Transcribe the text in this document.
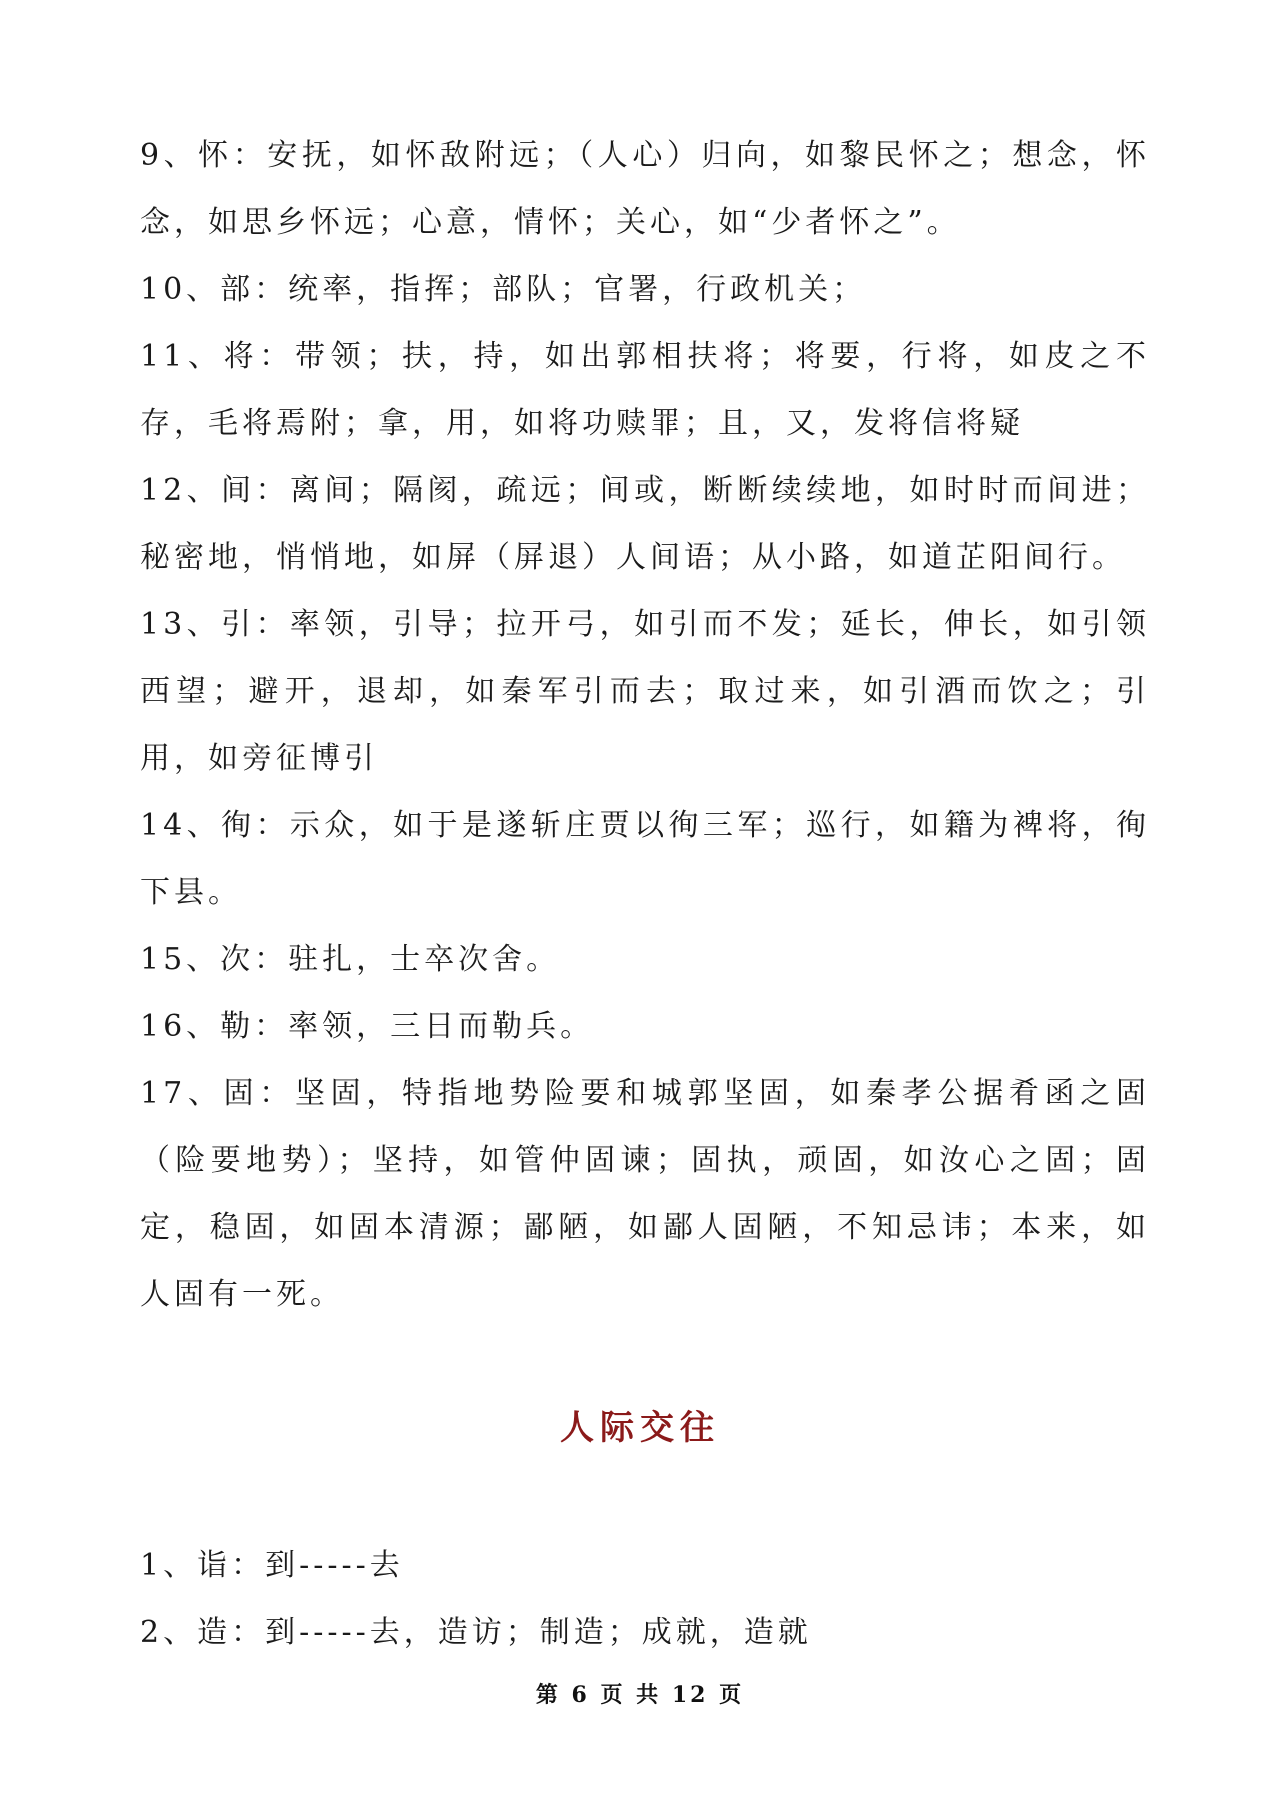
9、怀：安抚，如怀敌附远；（人心）归向，如黎民怀之；想念，怀念，如思乡怀远；心意，情怀；关心，如“少者怀之”。

10、部：统率，指挥；部队；官署，行政机关；

11、将：带领；扶，持，如出郭相扶将；将要，行将，如皮之不存，毛将焉附；拿，用，如将功赎罪；且，又，发将信将疑

12、间：离间；隔阂，疏远；间或，断断续续地，如时时而间进；秘密地，悄悄地，如屏（屏退）人间语；从小路，如道芷阳间行。

13、引：率领，引导；拉开弓，如引而不发；延长，伸长，如引领西望；避开，退却，如秦军引而去；取过来，如引酒而饮之；引用，如旁征博引

14、徇：示众，如于是遂斩庄贾以徇三军；巡行，如籍为裨将，徇下县。

15、次：驻扎，士卒次舍。

16、勒：率领，三日而勒兵。

17、固：坚固，特指地势险要和城郭坚固，如秦孝公据肴函之固（险要地势）；坚持，如管仲固谏；固执，顽固，如汝心之固；固定，稳固，如固本清源；鄙陋，如鄙人固陋，不知忌讳；本来，如人固有一死。

人际交往

1、诣：到-----去

2、造：到-----去，造访；制造；成就，造就

第 6 页 共 12 页
